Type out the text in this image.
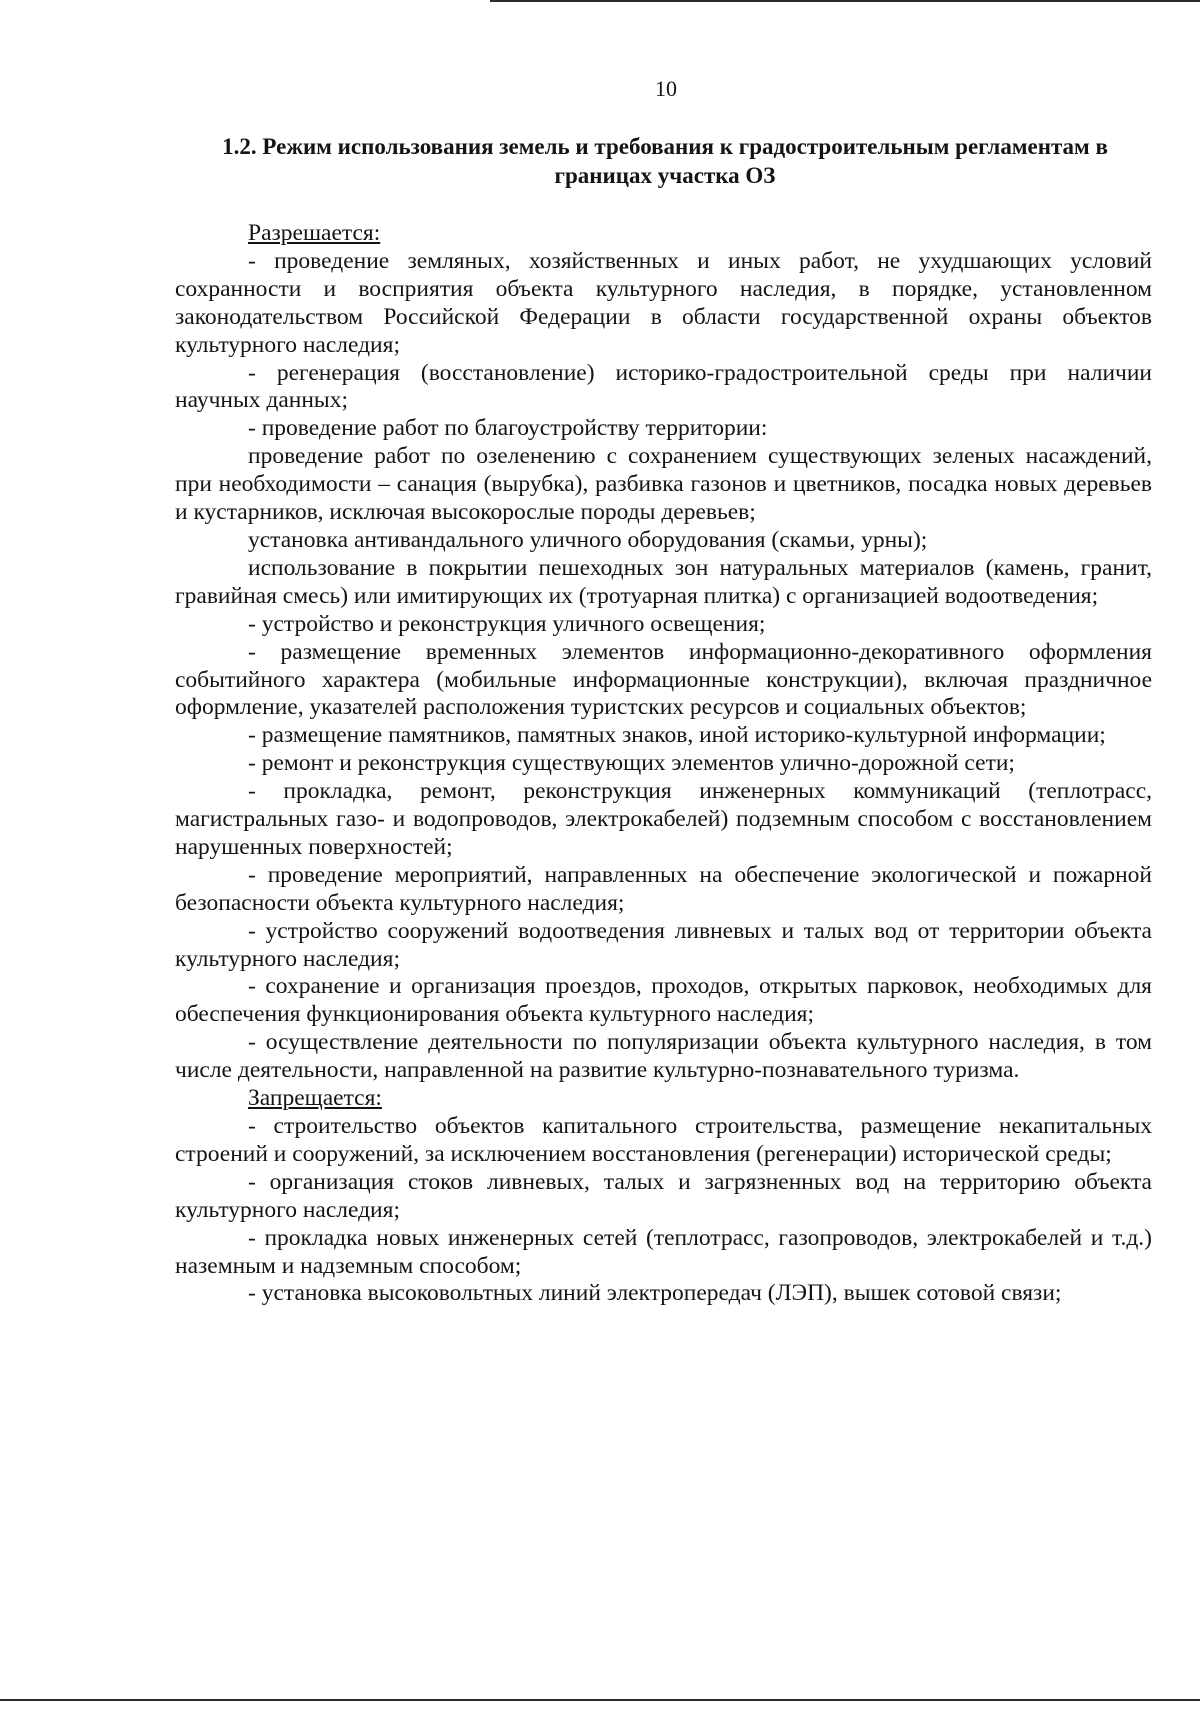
10
1.2. Режим использования земель и требования к градостроительным регламентам в границах участка ОЗ

Разрешается:

- проведение земляных, хозяйственных и иных работ, не ухудшающих условий сохранности и восприятия объекта культурного наследия, в порядке, установленном законодательством Российской Федерации в области государственной охраны объектов культурного наследия;

- регенерация (восстановление) историко-градостроительной среды при наличии научных данных;

- проведение работ по благоустройству территории:

проведение работ по озеленению с сохранением существующих зеленых насаждений, при необходимости – санация (вырубка), разбивка газонов и цветников, посадка новых деревьев и кустарников, исключая высокорослые породы деревьев;

установка антивандального уличного оборудования (скамьи, урны);

использование в покрытии пешеходных зон натуральных материалов (камень, гранит, гравийная смесь) или имитирующих их (тротуарная плитка) с организацией водоотведения;

- устройство и реконструкция уличного освещения;

- размещение временных элементов информационно-декоративного оформления событийного характера (мобильные информационные конструкции), включая праздничное оформление, указателей расположения туристских ресурсов и социальных объектов;

- размещение памятников, памятных знаков, иной историко-культурной информации;

- ремонт и реконструкция существующих элементов улично-дорожной сети;

- прокладка, ремонт, реконструкция инженерных коммуникаций (теплотрасс, магистральных газо- и водопроводов, электрокабелей) подземным способом с восстановлением нарушенных поверхностей;

- проведение мероприятий, направленных на обеспечение экологической и пожарной безопасности объекта культурного наследия;

- устройство сооружений водоотведения ливневых и талых вод от территории объекта культурного наследия;

- сохранение и организация проездов, проходов, открытых парковок, необходимых для обеспечения функционирования объекта культурного наследия;

- осуществление деятельности по популяризации объекта культурного наследия, в том числе деятельности, направленной на развитие культурно-познавательного туризма.

Запрещается:

- строительство объектов капитального строительства, размещение некапитальных строений и сооружений, за исключением восстановления (регенерации) исторической среды;

- организация стоков ливневых, талых и загрязненных вод на территорию объекта культурного наследия;

- прокладка новых инженерных сетей (теплотрасс, газопроводов, электрокабелей и т.д.) наземным и надземным способом;

- установка высоковольтных линий электропередач (ЛЭП), вышек сотовой связи;
